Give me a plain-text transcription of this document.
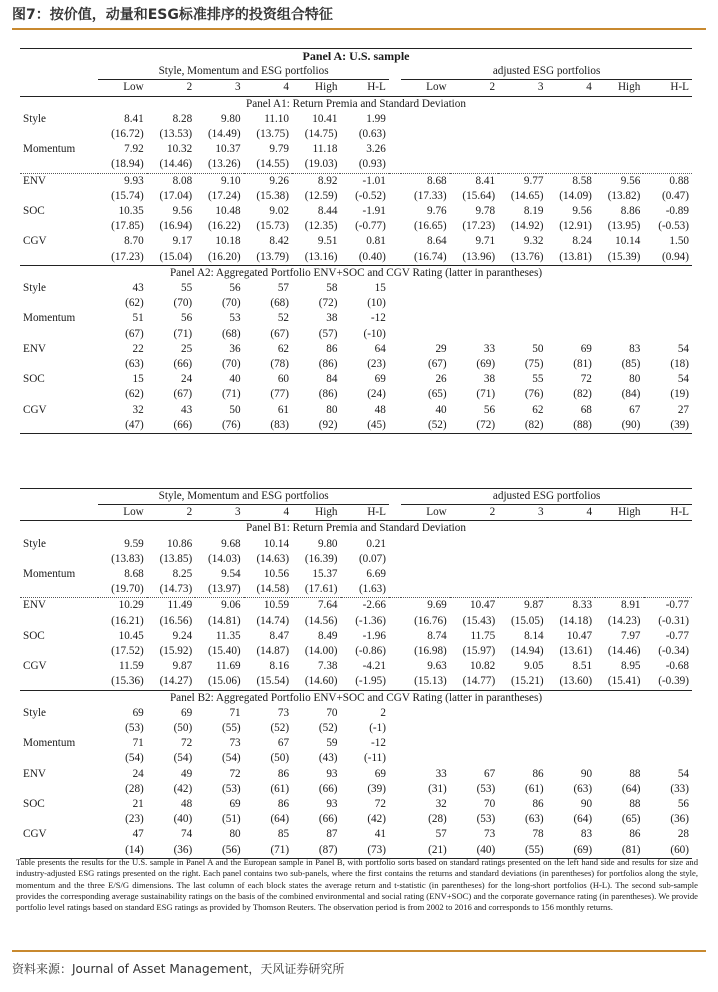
图7：按价值，动量和ESG标准排序的投资组合特征
Panel A: U.S. sample													
	Style, Momentum and ESG portfolios							adjusted ESG portfolios					
	Low	2	3	4	High	H-L		Low	2	3	4	High	H-L
Panel A1: Return Premia and Standard Deviation													
Style	8.41	8.28	9.80	11.10	10.41	1.99							
	(16.72)	(13.53)	(14.49)	(13.75)	(14.75)	(0.63)							
Momentum	7.92	10.32	10.37	9.79	11.18	3.26							
	(18.94)	(14.46)	(13.26)	(14.55)	(19.03)	(0.93)							
ENV	9.93	8.08	9.10	9.26	8.92	-1.01		8.68	8.41	9.77	8.58	9.56	0.88
	(15.74)	(17.04)	(17.24)	(15.38)	(12.59)	(-0.52)		(17.33)	(15.64)	(14.65)	(14.09)	(13.82)	(0.47)
SOC	10.35	9.56	10.48	9.02	8.44	-1.91		9.76	9.78	8.19	9.56	8.86	-0.89
	(17.85)	(16.94)	(16.22)	(15.73)	(12.35)	(-0.77)		(16.65)	(17.23)	(14.92)	(12.91)	(13.95)	(-0.53)
CGV	8.70	9.17	10.18	8.42	9.51	0.81		8.64	9.71	9.32	8.24	10.14	1.50
	(17.23)	(15.04)	(16.20)	(13.79)	(13.16)	(0.40)		(16.74)	(13.96)	(13.76)	(13.81)	(15.39)	(0.94)
Panel A2: Aggregated Portfolio ENV+SOC and CGV Rating (latter in parantheses)													
Style	43	55	56	57	58	15							
	(62)	(70)	(70)	(68)	(72)	(10)							
Momentum	51	56	53	52	38	-12							
	(67)	(71)	(68)	(67)	(57)	(-10)							
ENV	22	25	36	62	86	64		29	33	50	69	83	54
	(63)	(66)	(70)	(78)	(86)	(23)		(67)	(69)	(75)	(81)	(85)	(18)
SOC	15	24	40	60	84	69		26	38	55	72	80	54
	(62)	(67)	(71)	(77)	(86)	(24)		(65)	(71)	(76)	(82)	(84)	(19)
CGV	32	43	50	61	80	48		40	56	62	68	67	27
	(47)	(66)	(76)	(83)	(92)	(45)		(52)	(72)	(82)	(88)	(90)	(39)
	Style, Momentum and ESG portfolios							adjusted ESG portfolios					
	Low	2	3	4	High	H-L		Low	2	3	4	High	H-L
Panel B1: Return Premia and Standard Deviation													
Style	9.59	10.86	9.68	10.14	9.80	0.21							
	(13.83)	(13.85)	(14.03)	(14.63)	(16.39)	(0.07)							
Momentum	8.68	8.25	9.54	10.56	15.37	6.69							
	(19.70)	(14.73)	(13.97)	(14.58)	(17.61)	(1.63)							
ENV	10.29	11.49	9.06	10.59	7.64	-2.66		9.69	10.47	9.87	8.33	8.91	-0.77
	(16.21)	(16.56)	(14.81)	(14.74)	(14.56)	(-1.36)		(16.76)	(15.43)	(15.05)	(14.18)	(14.23)	(-0.31)
SOC	10.45	9.24	11.35	8.47	8.49	-1.96		8.74	11.75	8.14	10.47	7.97	-0.77
	(17.52)	(15.92)	(15.40)	(14.87)	(14.00)	(-0.86)		(16.98)	(15.97)	(14.94)	(13.61)	(14.46)	(-0.34)
CGV	11.59	9.87	11.69	8.16	7.38	-4.21		9.63	10.82	9.05	8.51	8.95	-0.68
	(15.36)	(14.27)	(15.06)	(15.54)	(14.60)	(-1.95)		(15.13)	(14.77)	(15.21)	(13.60)	(15.41)	(-0.39)
Panel B2: Aggregated Portfolio ENV+SOC and CGV Rating (latter in parantheses)													
Style	69	69	71	73	70	2							
	(53)	(50)	(55)	(52)	(52)	(-1)							
Momentum	71	72	73	67	59	-12							
	(54)	(54)	(54)	(50)	(43)	(-11)							
ENV	24	49	72	86	93	69		33	67	86	90	88	54
	(28)	(42)	(53)	(61)	(66)	(39)		(31)	(53)	(61)	(63)	(64)	(33)
SOC	21	48	69	86	93	72		32	70	86	90	88	56
	(23)	(40)	(51)	(64)	(66)	(42)		(28)	(53)	(63)	(64)	(65)	(36)
CGV	47	74	80	85	87	41		57	73	78	83	86	28
	(14)	(36)	(56)	(71)	(87)	(73)		(21)	(40)	(55)	(69)	(81)	(60)
Table presents the results for the U.S. sample in Panel A and the European sample in Panel B, with portfolio sorts based on standard ratings presented on the left hand side and results for size and industry-adjusted ESG ratings presented on the right. Each panel contains two sub-panels, where the first contains the returns and standard deviations (in parentheses) for portfolios along the style, momentum and the three E/S/G dimensions. The last column of each block states the average return and t-statistic (in parentheses) for the long-short portfolios (H-L). The second sub-sample provides the corresponding average sustainability ratings on the basis of the combined environmental and social rating (ENV+SOC) and the corporate governance rating (in parentheses). We provide portfolio level ratings based on standard ESG ratings as provided by Thomson Reuters. The observation period is from 2002 to 2016 and corresponds to 156 monthly returns.
资料来源：Journal of Asset Management，天风证券研究所
